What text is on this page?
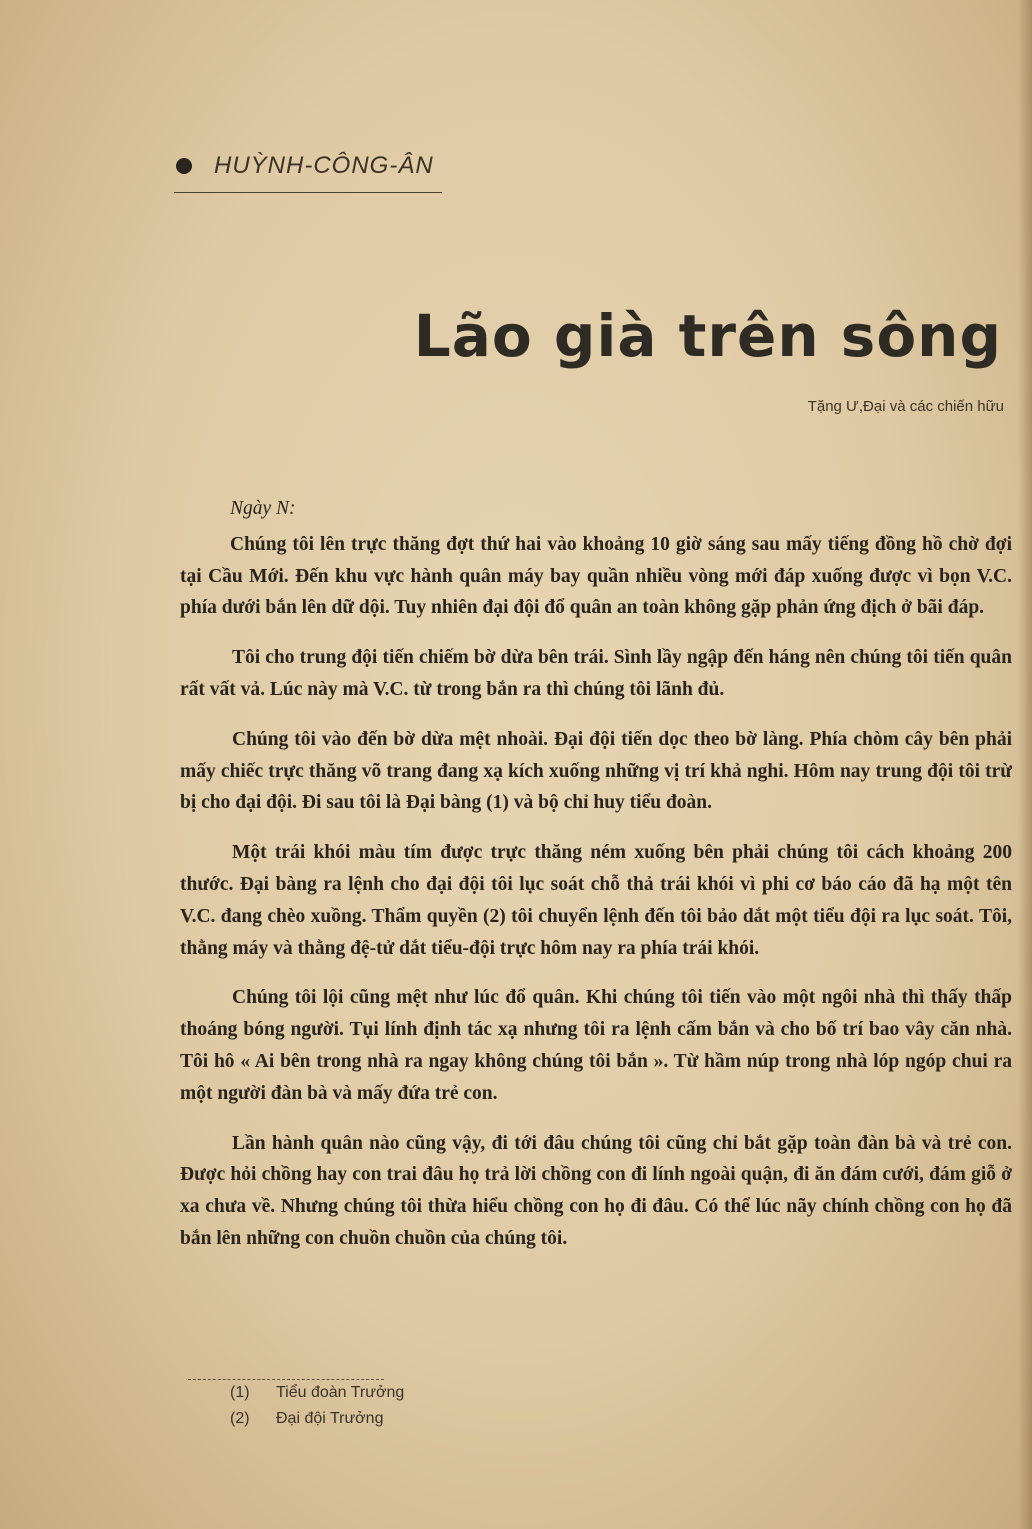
HUỲNH-CÔNG-ÂN
Lão già trên sông
Tặng Ư,Đại và các chiến hữu

Ngày N:

Chúng tôi lên trực thăng đợt thứ hai vào khoảng 10 giờ sáng sau mấy tiếng đồng hồ chờ đợi tại Cầu Mới. Đến khu vực hành quân máy bay quần nhiều vòng mới đáp xuống được vì bọn V.C. phía dưới bắn lên dữ dội. Tuy nhiên đại đội đổ quân an toàn không gặp phản ứng địch ở bãi đáp.

Tôi cho trung đội tiến chiếm bờ dừa bên trái. Sình lầy ngập đến háng nên chúng tôi tiến quân rất vất vả. Lúc này mà V.C. từ trong bắn ra thì chúng tôi lãnh đủ.

Chúng tôi vào đến bờ dừa mệt nhoài. Đại đội tiến dọc theo bờ làng. Phía chòm cây bên phải mấy chiếc trực thăng võ trang đang xạ kích xuống những vị trí khả nghi. Hôm nay trung đội tôi trừ bị cho đại đội. Đi sau tôi là Đại bàng (1) và bộ chỉ huy tiểu đoàn.

Một trái khói màu tím được trực thăng ném xuống bên phải chúng tôi cách khoảng 200 thước. Đại bàng ra lệnh cho đại đội tôi lục soát chỗ thả trái khói vì phi cơ báo cáo đã hạ một tên V.C. đang chèo xuồng. Thẩm quyền (2) tôi chuyển lệnh đến tôi bảo dắt một tiểu đội ra lục soát. Tôi, thằng máy và thằng đệ-tử dắt tiểu-đội trực hôm nay ra phía trái khói.

Chúng tôi lội cũng mệt như lúc đổ quân. Khi chúng tôi tiến vào một ngôi nhà thì thấy thấp thoáng bóng người. Tụi lính định tác xạ nhưng tôi ra lệnh cấm bắn và cho bố trí bao vây căn nhà. Tôi hô « Ai bên trong nhà ra ngay không chúng tôi bắn ». Từ hầm núp trong nhà lóp ngóp chui ra một người đàn bà và mấy đứa trẻ con.

Lần hành quân nào cũng vậy, đi tới đâu chúng tôi cũng chỉ bắt gặp toàn đàn bà và trẻ con. Được hỏi chồng hay con trai đâu họ trả lời chồng con đi lính ngoài quận, đi ăn đám cưới, đám giỗ ở xa chưa về. Nhưng chúng tôi thừa hiểu chồng con họ đi đâu. Có thể lúc nãy chính chồng con họ đã bắn lên những con chuồn chuồn của chúng tôi.

(1)	Tiểu đoàn Trưởng
(2)	Đại đội Trưởng
